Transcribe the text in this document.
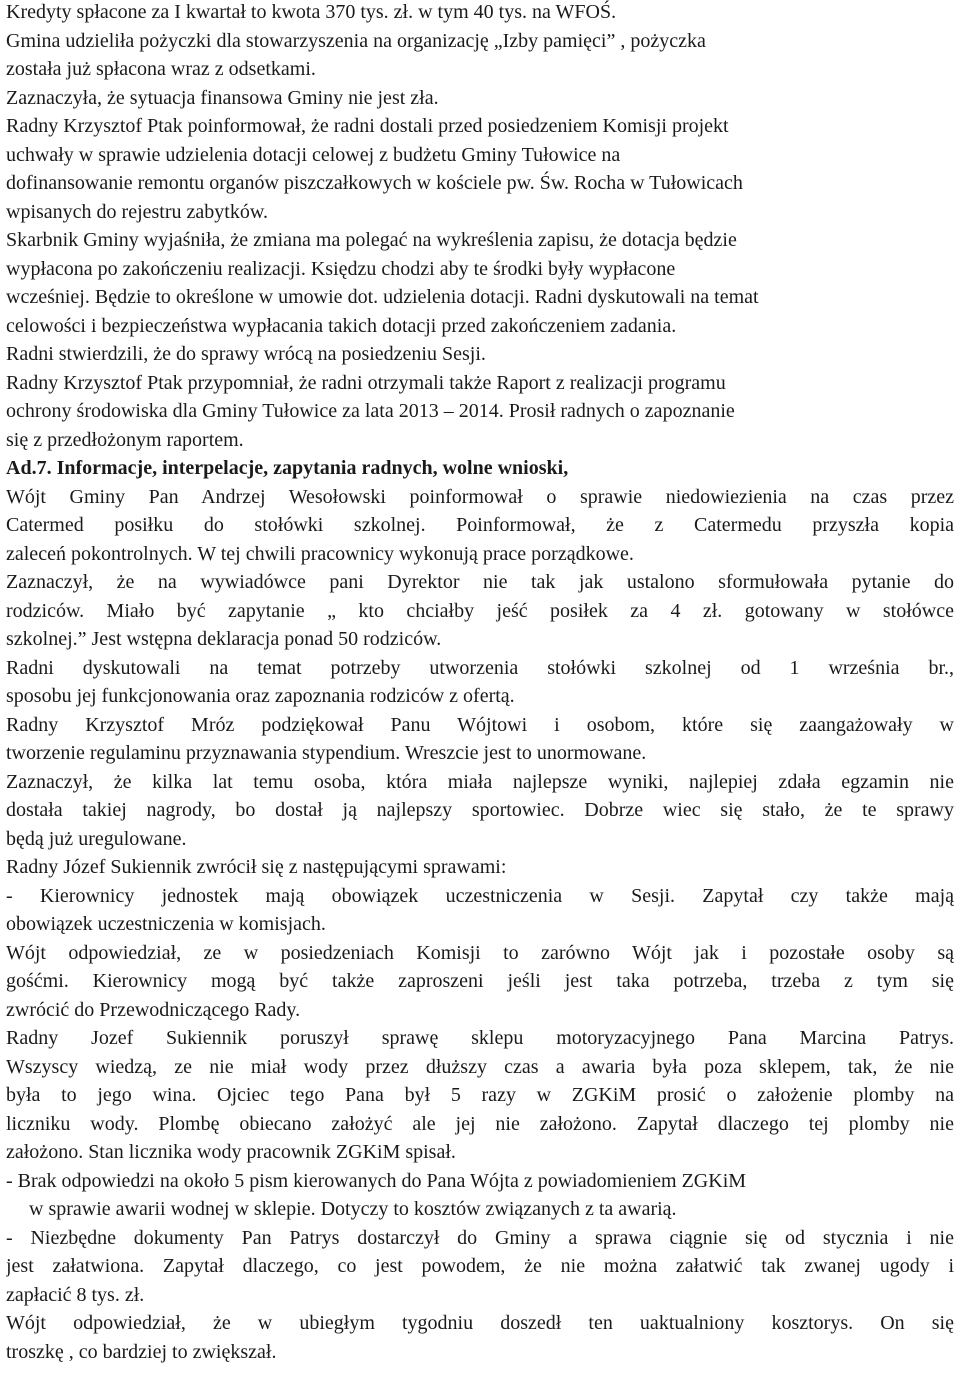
Kredyty spłacone za I kwartał to kwota 370 tys. zł. w tym 40 tys. na WFOŚ.

Gmina udzieliła pożyczki dla stowarzyszenia na organizację „Izby pamięci” , pożyczka

została już spłacona wraz z odsetkami.

Zaznaczyła, że sytuacja finansowa Gminy nie jest zła.

Radny Krzysztof Ptak poinformował, że radni dostali przed posiedzeniem Komisji projekt

uchwały w sprawie udzielenia dotacji celowej z budżetu Gminy Tułowice na

dofinansowanie remontu organów piszczałkowych w kościele pw. Św. Rocha w Tułowicach

wpisanych do rejestru zabytków.

Skarbnik Gminy wyjaśniła, że zmiana ma polegać na wykreślenia zapisu, że dotacja będzie

wypłacona po zakończeniu realizacji. Księdzu chodzi aby te środki były wypłacone

wcześniej. Będzie to określone w umowie dot. udzielenia dotacji. Radni dyskutowali na temat

celowości i bezpieczeństwa wypłacania takich dotacji przed zakończeniem zadania.

Radni stwierdzili, że do sprawy wrócą na posiedzeniu Sesji.

Radny Krzysztof Ptak przypomniał, że radni otrzymali także Raport z realizacji programu

ochrony środowiska dla Gminy Tułowice za lata 2013 – 2014. Prosił radnych o zapoznanie

się z przedłożonym raportem.

Ad.7. Informacje, interpelacje, zapytania radnych, wolne wnioski,

Wójt Gminy Pan Andrzej Wesołowski poinformował o sprawie niedowiezienia na czas przez

Catermed posiłku do stołówki szkolnej. Poinformował, że z Catermedu przyszła kopia

zaleceń pokontrolnych. W tej chwili pracownicy wykonują prace porządkowe.

Zaznaczył, że na wywiadówce pani Dyrektor nie tak jak ustalono sformułowała pytanie do

rodziców. Miało być zapytanie „ kto chciałby jeść posiłek za 4 zł. gotowany w stołówce

szkolnej.” Jest wstępna deklaracja ponad 50 rodziców.

Radni dyskutowali na temat potrzeby utworzenia stołówki szkolnej od 1 września br.,

sposobu jej funkcjonowania oraz zapoznania rodziców z ofertą.

Radny Krzysztof Mróz podziękował Panu Wójtowi i osobom, które się zaangażowały w

tworzenie regulaminu przyznawania stypendium. Wreszcie jest to unormowane.

Zaznaczył, że kilka lat temu osoba, która miała najlepsze wyniki, najlepiej zdała egzamin nie

dostała takiej nagrody, bo dostał ją najlepszy sportowiec. Dobrze wiec się stało, że te sprawy

będą już uregulowane.

Radny Józef Sukiennik zwrócił się z następującymi sprawami:

- Kierownicy jednostek mają obowiązek uczestniczenia w Sesji. Zapytał czy także mają

obowiązek uczestniczenia w komisjach.

Wójt odpowiedział, ze w posiedzeniach Komisji to zarówno Wójt jak i pozostałe osoby są

gośćmi. Kierownicy mogą być także zaproszeni jeśli jest taka potrzeba, trzeba z tym się

zwrócić do Przewodniczącego Rady.

Radny Jozef Sukiennik poruszył sprawę sklepu motoryzacyjnego Pana Marcina Patrys.

Wszyscy wiedzą, ze nie miał wody przez dłuższy czas a awaria była poza sklepem, tak, że nie

była to jego wina. Ojciec tego Pana był 5 razy w ZGKiM prosić o założenie plomby na

liczniku wody. Plombę obiecano założyć ale jej nie założono. Zapytał dlaczego tej plomby nie

założono. Stan licznika wody pracownik ZGKiM spisał.

- Brak odpowiedzi na około 5 pism kierowanych do Pana Wójta z powiadomieniem ZGKiM

w sprawie awarii wodnej w sklepie. Dotyczy to kosztów związanych z ta awarią.

- Niezbędne dokumenty Pan Patrys dostarczył do Gminy a sprawa ciągnie się od stycznia i nie

jest załatwiona. Zapytał dlaczego, co jest powodem, że nie można załatwić tak zwanej ugody i

zapłacić 8 tys. zł.

Wójt odpowiedział, że w ubiegłym tygodniu doszedł ten uaktualniony kosztorys. On się

troszkę , co bardziej to zwiększał.
